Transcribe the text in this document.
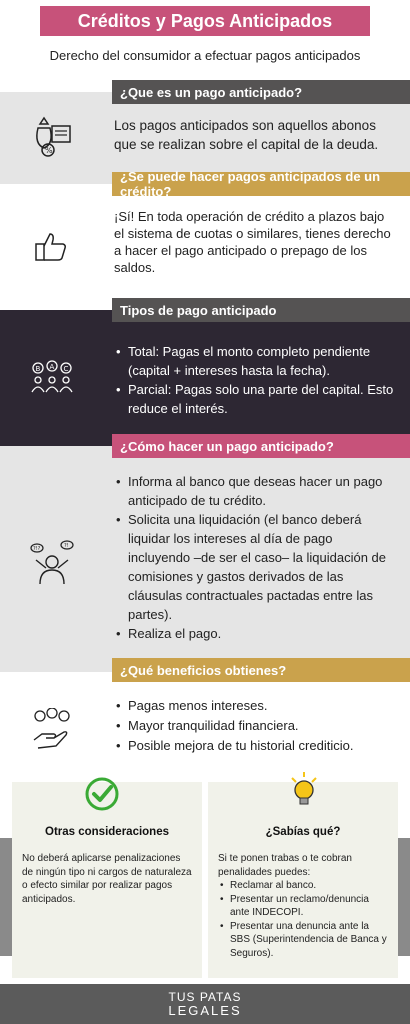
Créditos y Pagos Anticipados
Derecho del consumidor a efectuar pagos anticipados
¿Que es un pago anticipado?
%
Los pagos anticipados son aquellos abonos que se realizan sobre el capital de la deuda.
¿Se puede hacer pagos anticipados de un crédito?
¡Sí! En toda operación de crédito a plazos bajo el sistema de cuotas o similares, tienes derecho a hacer el pago anticipado o prepago de los saldos.
Tipos de pago anticipado
B A C
• Total: Pagas el monto completo pendiente (capital + intereses hasta la fecha).
• Parcial: Pagas solo una parte del capital. Esto reduce el interés.
¿Cómo hacer un pago anticipado?
?!?	?!
• Informa al banco que deseas hacer un pago anticipado de tu crédito.
• Solicita una liquidación (el banco deberá liquidar los intereses al día de pago incluyendo –de ser el caso– la liquidación de comisiones y gastos derivados de las cláusulas contractuales pactadas entre las partes).
• Realiza el pago.
¿Qué beneficios obtienes?
• Pagas menos intereses.
• Mayor tranquilidad financiera.
• Posible mejora de tu historial crediticio.
Otras consideraciones

No deberá aplicarse penalizaciones de ningún tipo ni cargos de naturaleza o efecto similar por realizar pagos anticipados.

¿Sabías qué?
Si te ponen trabas o te cobran penalidades puedes:
• Reclamar al banco.
• Presentar un reclamo/denuncia ante INDECOPI.
• Presentar una denuncia ante la SBS (Superintendencia de Banca y Seguros).
TUS PATAS
LEGALES
